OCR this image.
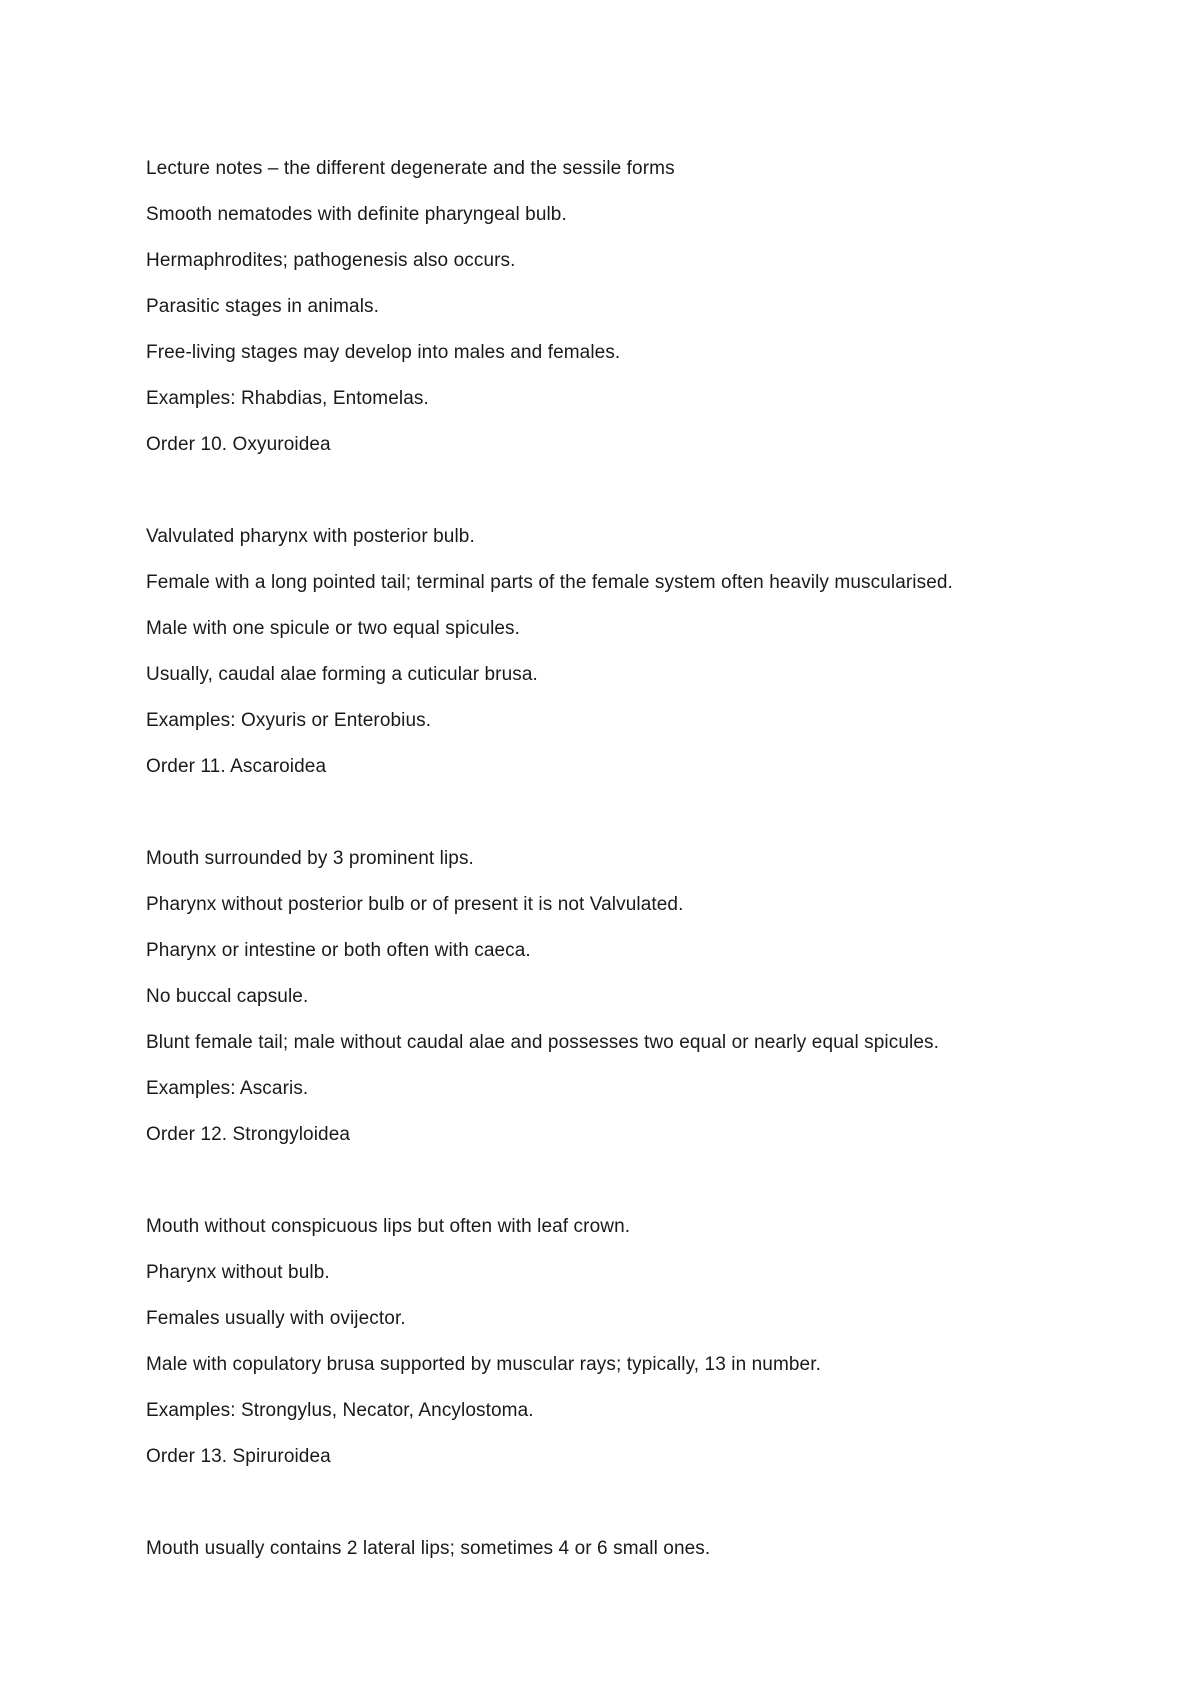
Lecture notes – the different degenerate and the sessile forms
Smooth nematodes with definite pharyngeal bulb.
Hermaphrodites; pathogenesis also occurs.
Parasitic stages in animals.
Free-living stages may develop into males and females.
Examples: Rhabdias, Entomelas.
Order 10. Oxyuroidea
Valvulated pharynx with posterior bulb.
Female with a long pointed tail; terminal parts of the female system often heavily muscularised.
Male with one spicule or two equal spicules.
Usually, caudal alae forming a cuticular brusa.
Examples: Oxyuris or Enterobius.
Order 11. Ascaroidea
Mouth surrounded by 3 prominent lips.
Pharynx without posterior bulb or of present it is not Valvulated.
Pharynx or intestine or both often with caeca.
No buccal capsule.
Blunt female tail; male without caudal alae and possesses two equal or nearly equal spicules.
Examples: Ascaris.
Order 12. Strongyloidea
Mouth without conspicuous lips but often with leaf crown.
Pharynx without bulb.
Females usually with ovijector.
Male with copulatory brusa supported by muscular rays; typically, 13 in number.
Examples: Strongylus, Necator, Ancylostoma.
Order 13. Spiruroidea
Mouth usually contains 2 lateral lips; sometimes 4 or 6 small ones.
